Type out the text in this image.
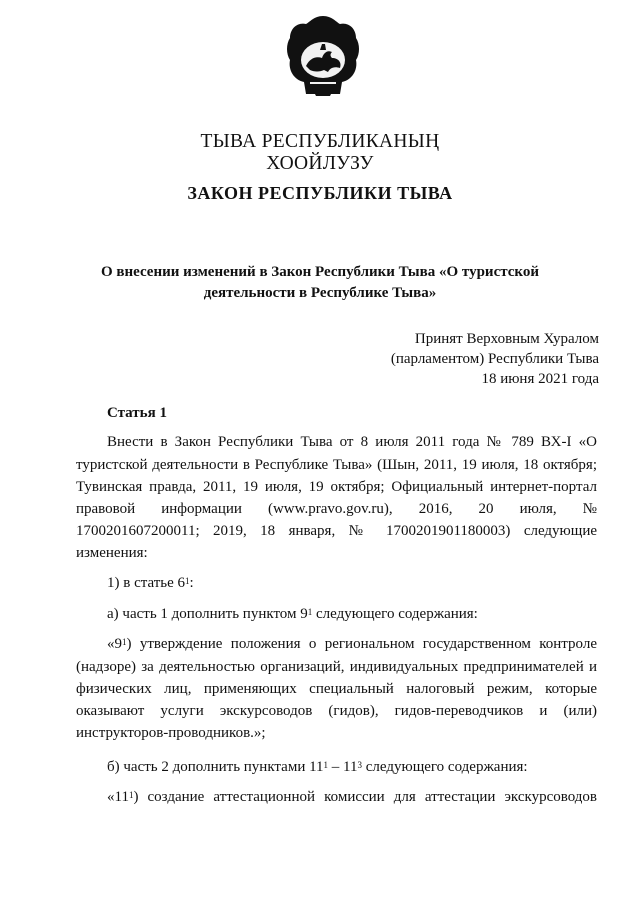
ТЫВА РЕСПУБЛИКАНЫҢ
ХООЙЛУЗУ
ЗАКОН РЕСПУБЛИКИ ТЫВА
О внесении изменений в Закон Республики Тыва «О туристской
деятельности в Республике Тыва»
Принят Верховным Хуралом
(парламентом) Республики Тыва
18 июня 2021 года
Статья 1
Внести в Закон Республики Тыва от 8 июля 2011 года № 789 ВХ-I «О
туристской деятельности в Республике Тыва» (Шын, 2011, 19 июля, 18 октября;
Тувинская правда, 2011, 19 июля, 19 октября; Официальный интернет-портал
правовой информации (www.pravo.gov.ru), 2016, 20 июля, №
1700201607200011; 2019, 18 января, № 1700201901180003) следующие
изменения:
1) в статье $6^1$:
а) часть 1 дополнить пунктом $9^1$ следующего содержания:
«$9^1$) утверждение положения о региональном государственном контроле
(надзоре) за деятельностью организаций, индивидуальных предпринимателей и
физических лиц, применяющих специальный налоговый режим, которые
оказывают услуги экскурсоводов (гидов), гидов-переводчиков и (или)
инструкторов-проводников.»;
б) часть 2 дополнить пунктами $11^1 - 11^3$ следующего содержания:
«$11^1$) создание аттестационной комиссии для аттестации экскурсоводов
